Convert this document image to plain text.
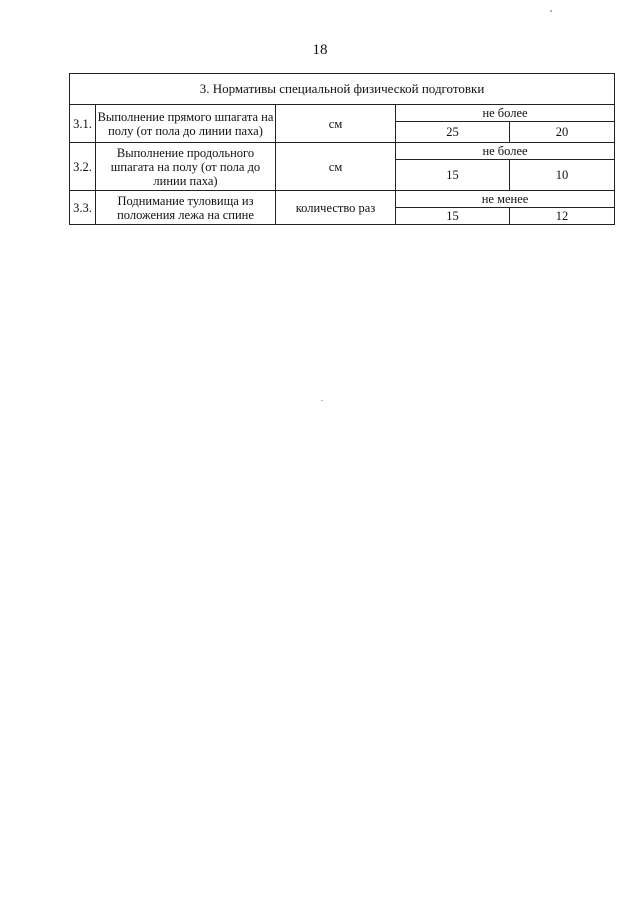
18
3. Нормативы специальной физической подготовки				
3.1.	Выполнение прямого шпагата на полу (от пола до линии паха)	см	не более	
			25	20
3.2.	Выполнение продольного шпагата на полу (от пола до линии паха)	см	не более	
			15	10
3.3.	Поднимание туловища из положения лежа на спине	количество раз	не менее	
			15	12
